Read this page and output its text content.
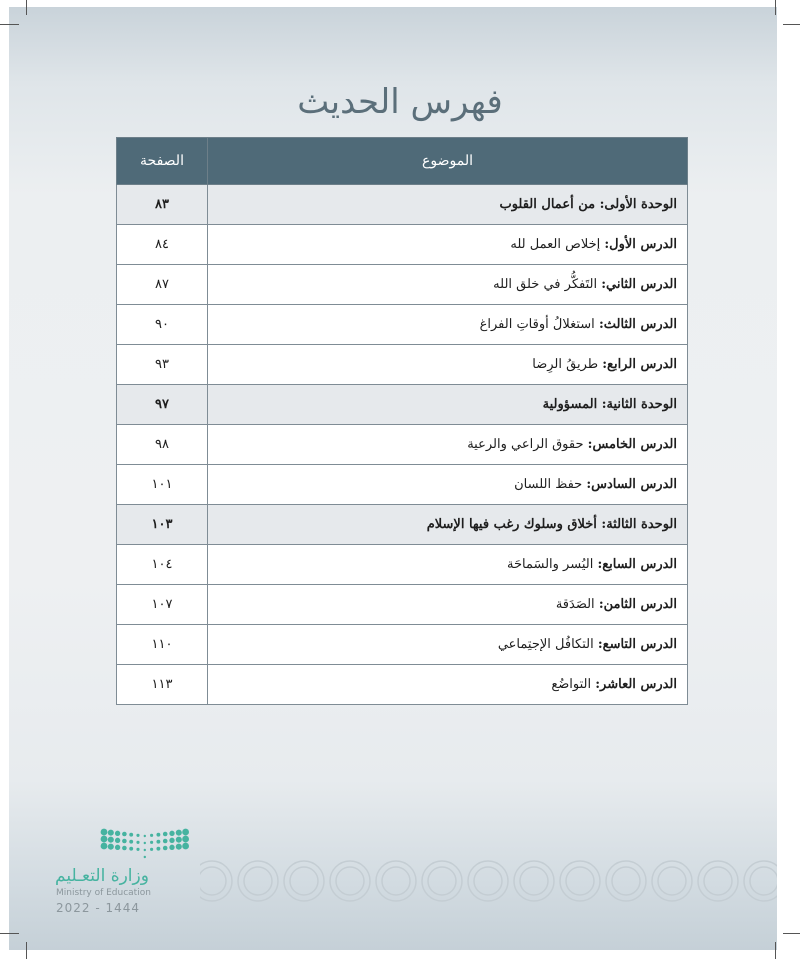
فهرس الحديث
الموضوع	الصفحة
الوحدة الأولى: من أعمال القلوب	٨٣
الدرس الأول: إخلاص العمل لله	٨٤
الدرس الثاني: التَفكُّر في خلق الله	٨٧
الدرس الثالث: استغلالُ أوقاتِ الفراغ	٩٠
الدرس الرابع: طريقُ الرِضا	٩٣
الوحدة الثانية: المسؤولية	٩٧
الدرس الخامس: حقوق الراعي والرعية	٩٨
الدرس السادس: حفظ اللسان	١٠١
الوحدة الثالثة: أخلاق وسلوك رغب فيها الإسلام	١٠٣
الدرس السابع: اليُسر والسَماحَة	١٠٤
الدرس الثامن: الصَدَقة	١٠٧
الدرس التاسع: التكافُل الإجتِماعي	١١٠
الدرس العاشر: التواضُع	١١٣
وزارة التعـليم
Ministry of Education
2022 - 1444
